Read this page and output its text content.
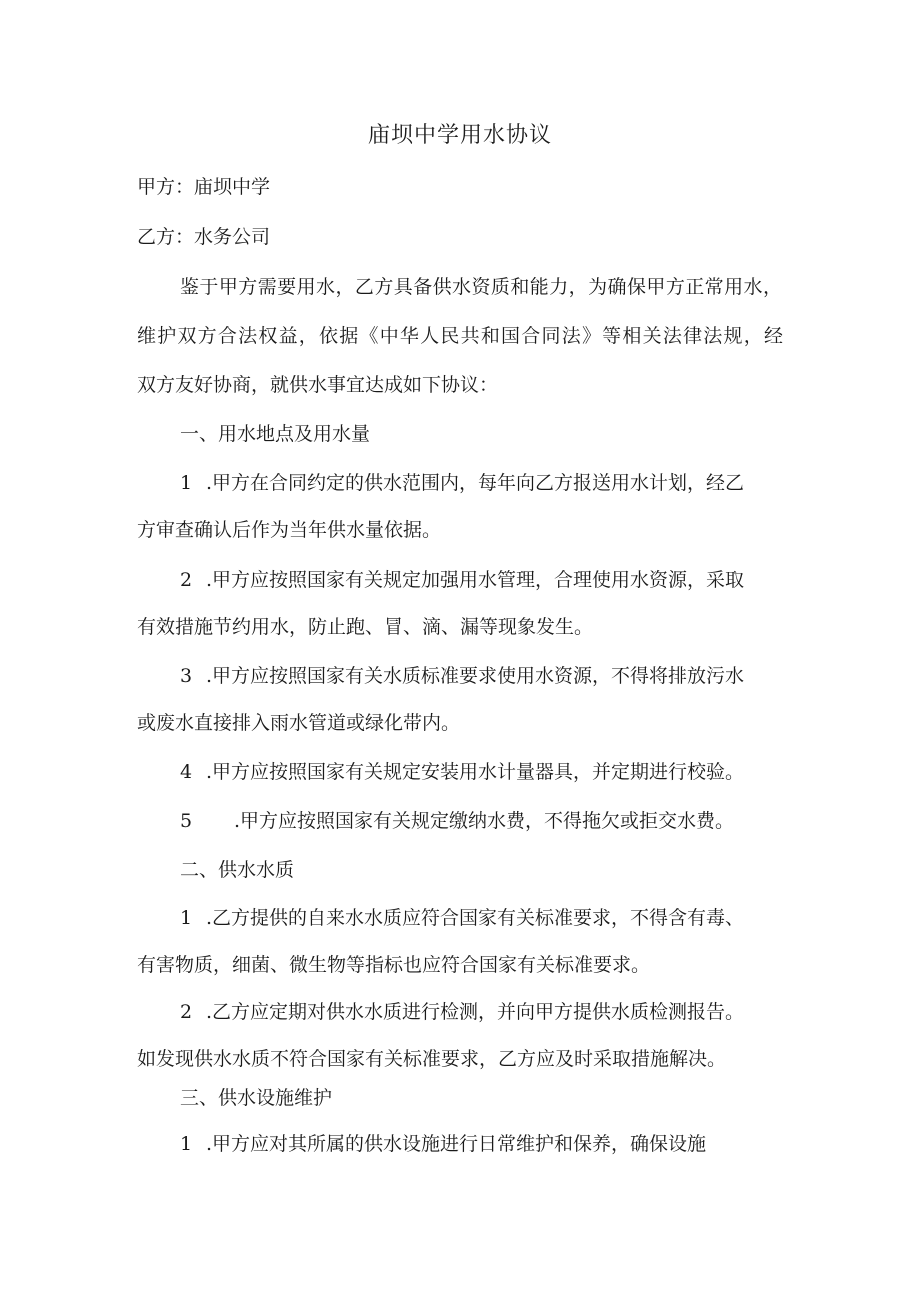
庙坝中学用水协议
甲方：庙坝中学
乙方：水务公司
鉴于甲方需要用水，乙方具备供水资质和能力，为确保甲方正常用水，
维护双方合法权益，依据《中华人民共和国合同法》等相关法律法规，经
双方友好协商，就供水事宜达成如下协议：
一、用水地点及用水量
1 .甲方在合同约定的供水范围内，每年向乙方报送用水计划，经乙
方审查确认后作为当年供水量依据。
2 .甲方应按照国家有关规定加强用水管理，合理使用水资源，采取
有效措施节约用水，防止跑、冒、滴、漏等现象发生。
3 .甲方应按照国家有关水质标准要求使用水资源，不得将排放污水
或废水直接排入雨水管道或绿化带内。
4 .甲方应按照国家有关规定安装用水计量器具，并定期进行校验。
5 .甲方应按照国家有关规定缴纳水费，不得拖欠或拒交水费。
二、供水水质
1 .乙方提供的自来水水质应符合国家有关标准要求，不得含有毒、
有害物质，细菌、微生物等指标也应符合国家有关标准要求。
2 .乙方应定期对供水水质进行检测，并向甲方提供水质检测报告。
如发现供水水质不符合国家有关标准要求，乙方应及时采取措施解决。
三、供水设施维护
1 .甲方应对其所属的供水设施进行日常维护和保养，确保设施
